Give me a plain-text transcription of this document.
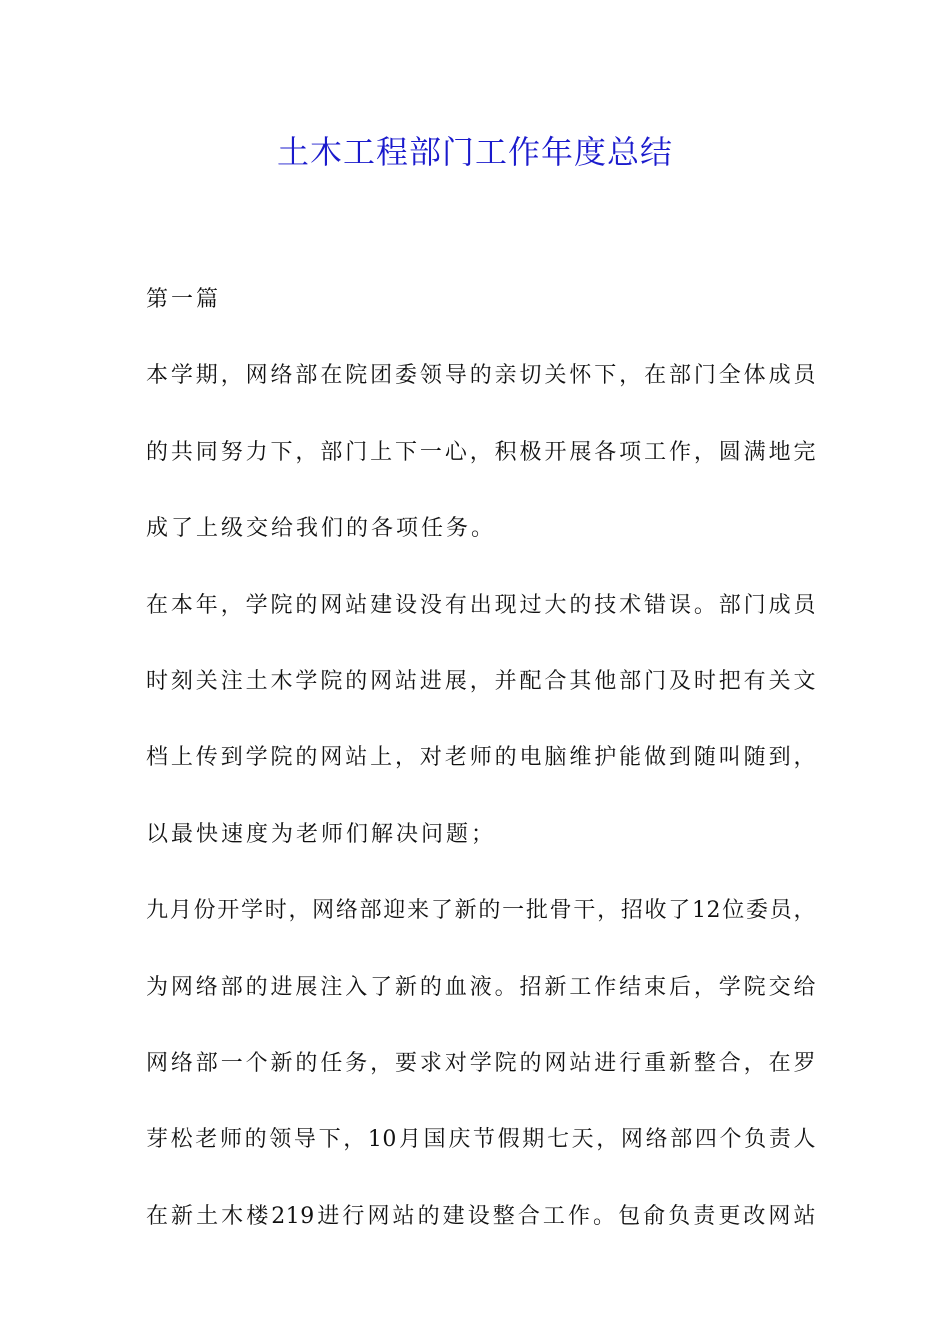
土木工程部门工作年度总结
第一篇
本学期，网络部在院团委领导的亲切关怀下，在部门全体成员
的共同努力下，部门上下一心，积极开展各项工作，圆满地完
成了上级交给我们的各项任务。
在本年，学院的网站建设没有出现过大的技术错误。部门成员
时刻关注土木学院的网站进展，并配合其他部门及时把有关文
档上传到学院的网站上，对老师的电脑维护能做到随叫随到，
以最快速度为老师们解决问题；
九月份开学时，网络部迎来了新的一批骨干，招收了12位委员，
为网络部的进展注入了新的血液。招新工作结束后，学院交给
网络部一个新的任务，要求对学院的网站进行重新整合，在罗
芽松老师的领导下，10月国庆节假期七天，网络部四个负责人
在新土木楼219进行网站的建设整合工作。包俞负责更改网站
